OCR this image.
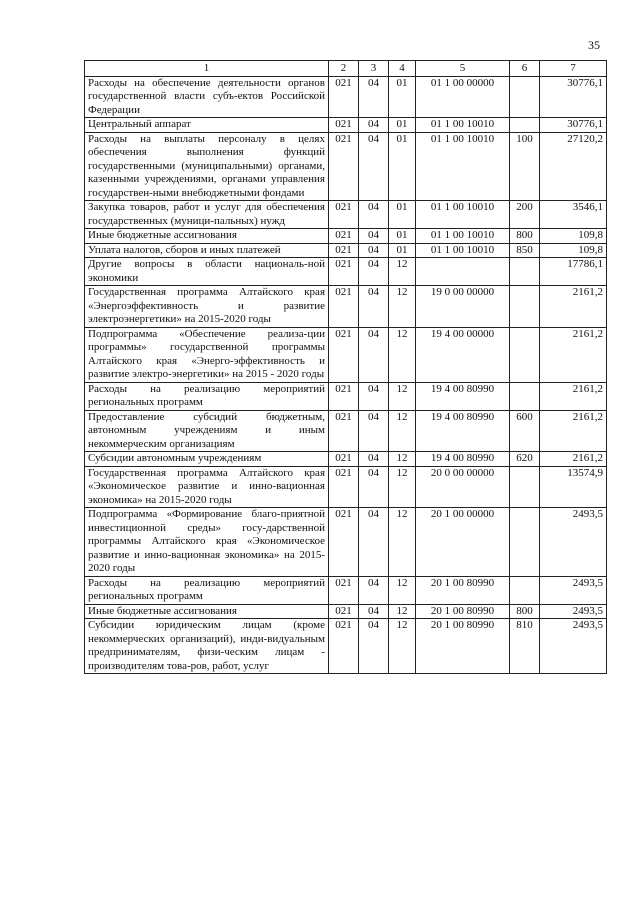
35
1	2	3	4	5	6	7
Расходы на обеспечение деятельности органов государственной власти субъ-ектов Российской Федерации	021	04	01	01 1 00 00000		30776,1
Центральный аппарат	021	04	01	01 1 00 10010		30776,1
Расходы на выплаты персоналу в целях обеспечения выполнения функций государственными (муниципальными) органами, казенными учреждениями, органами управления государствен-ными внебюджетными фондами	021	04	01	01 1 00 10010	100	27120,2
Закупка товаров, работ и услуг для обеспечения государственных (муници-пальных) нужд	021	04	01	01 1 00 10010	200	3546,1
Иные бюджетные ассигнования	021	04	01	01 1 00 10010	800	109,8
Уплата налогов, сборов и иных платежей	021	04	01	01 1 00 10010	850	109,8
Другие вопросы в области националь-ной экономики	021	04	12			17786,1
Государственная программа Алтайского края «Энергоэффективность и развитие электроэнергетики» на 2015-2020 годы	021	04	12	19 0 00 00000		2161,2
Подпрограмма «Обеспечение реализа-ции программы» государственной программы Алтайского края «Энерго-эффективность и развитие электро-энергетики» на 2015 - 2020 годы	021	04	12	19 4 00 00000		2161,2
Расходы на реализацию мероприятий региональных программ	021	04	12	19 4 00 80990		2161,2
Предоставление субсидий бюджетным, автономным учреждениям и иным некоммерческим организациям	021	04	12	19 4 00 80990	600	2161,2
Субсидии автономным учреждениям	021	04	12	19 4 00 80990	620	2161,2
Государственная программа Алтайского края «Экономическое развитие и инно-вационная экономика» на 2015-2020 годы	021	04	12	20 0 00 00000		13574,9
Подпрограмма «Формирование благо-приятной инвестиционной среды» госу-дарственной программы Алтайского края «Экономическое развитие и инно-вационная экономика» на 2015-2020 годы	021	04	12	20 1 00 00000		2493,5
Расходы на реализацию мероприятий региональных программ	021	04	12	20 1 00 80990		2493,5
Иные бюджетные ассигнования	021	04	12	20 1 00 80990	800	2493,5
Субсидии юридическим лицам (кроме некоммерческих организаций), инди-видуальным предпринимателям, физи-ческим лицам - производителям това-ров, работ, услуг	021	04	12	20 1 00 80990	810	2493,5
